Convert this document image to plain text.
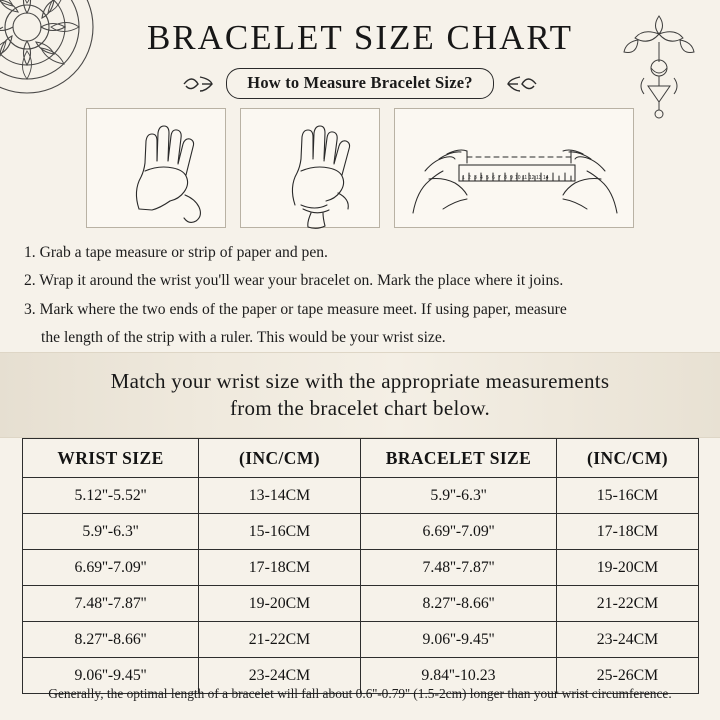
BRACELET SIZE CHART
How to Measure Bracelet Size?
1 2 3 4 5 6 7 8 9 10 11 12 13 14

1. Grab a tape measure or strip of paper and pen.

2. Wrap it around the wrist you'll wear your bracelet on. Mark the place where it joins.

3. Mark where the two ends of the paper or tape measure meet. If using paper, measure

the length of the strip with a ruler. This would be your wrist size.

Match your wrist size with the appropriate measurements
from the bracelet chart below.
WRIST SIZE	(INC/CM)	BRACELET SIZE	(INC/CM)
5.12''-5.52''	13-14CM	5.9''-6.3''	15-16CM
5.9''-6.3''	15-16CM	6.69''-7.09''	17-18CM
6.69''-7.09''	17-18CM	7.48''-7.87''	19-20CM
7.48''-7.87''	19-20CM	8.27''-8.66''	21-22CM
8.27''-8.66''	21-22CM	9.06''-9.45''	23-24CM
9.06''-9.45''	23-24CM	9.84''-10.23	25-26CM
Generally, the optimal length of a bracelet will fall about 0.6''-0.79'' (1.5-2cm) longer than your wrist circumference.
